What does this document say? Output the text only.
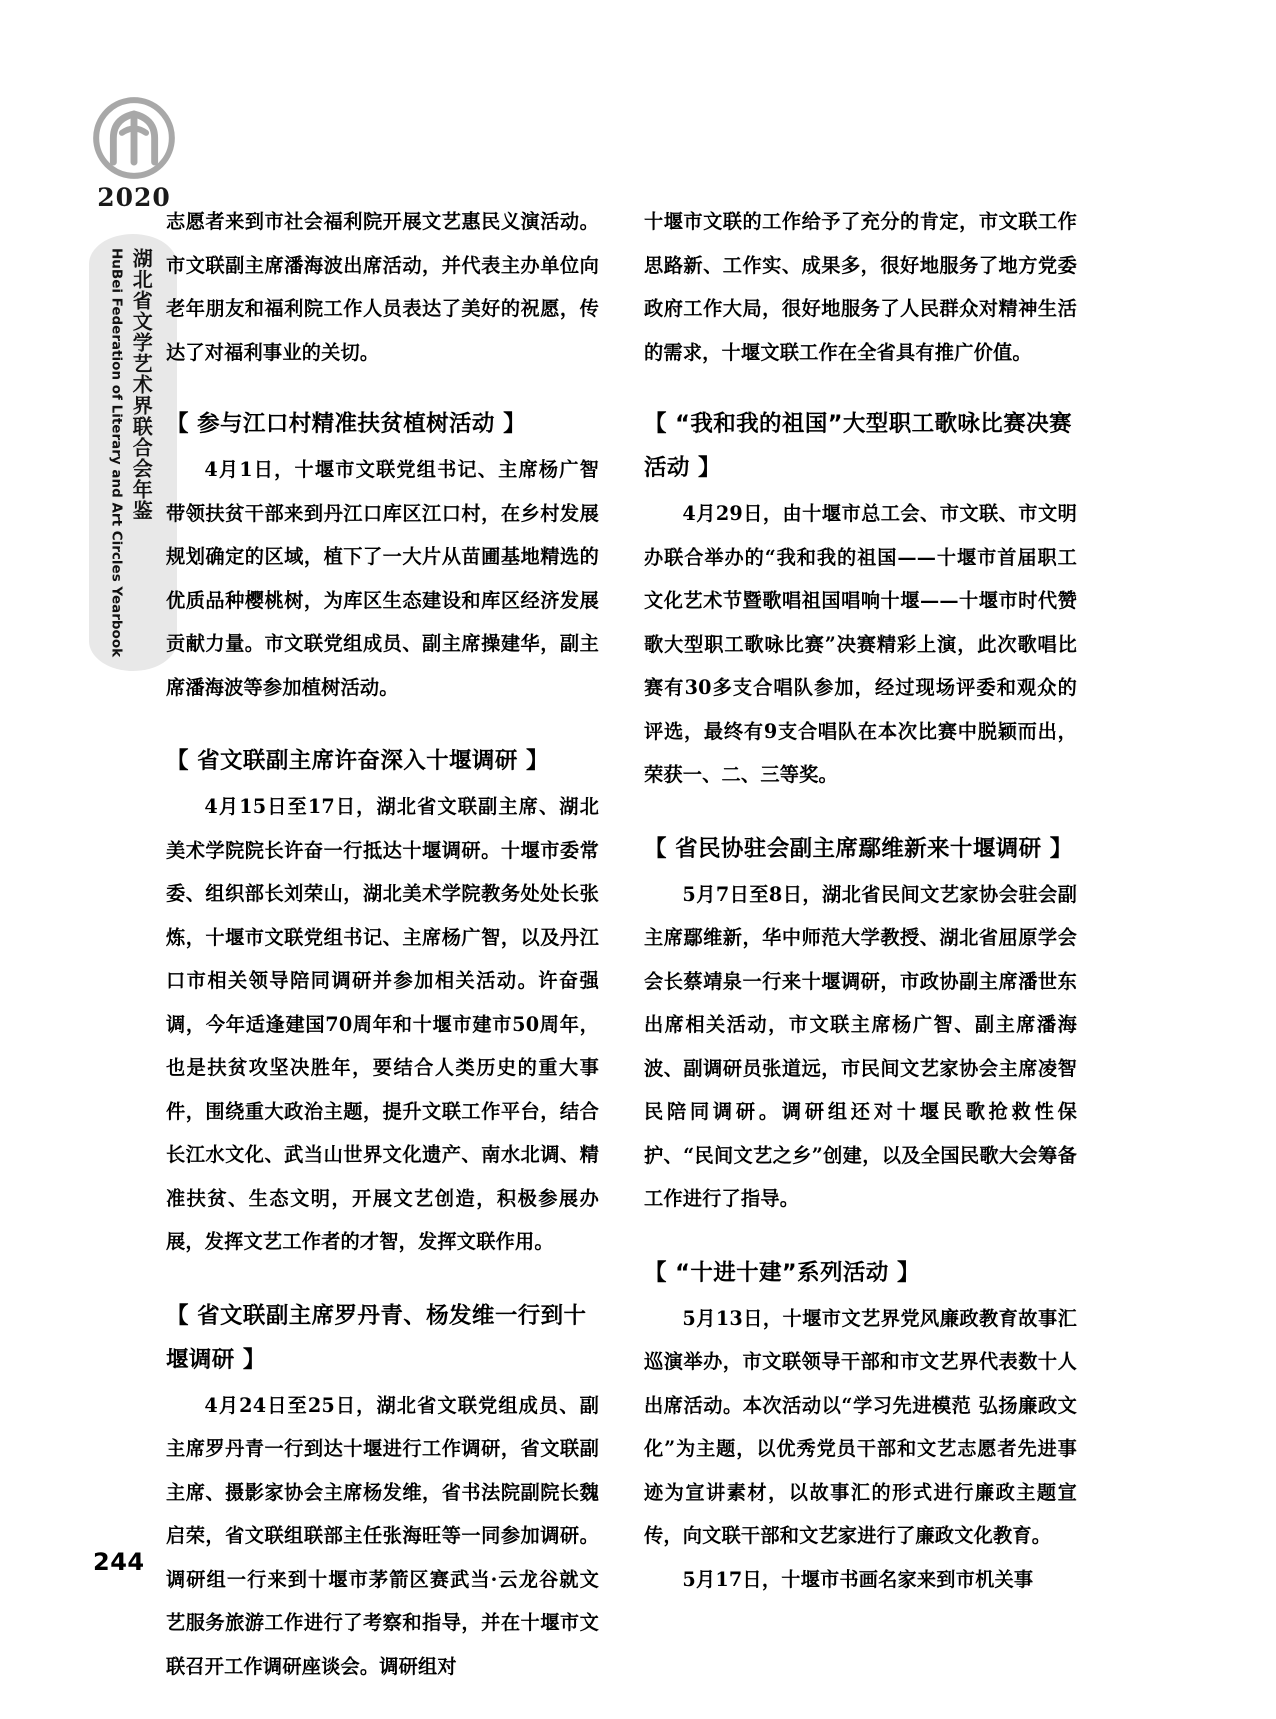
2020
湖北省文学艺术界联合会年鉴
HuBei Federation of Literary and Art Circles Yearbook

志愿者来到市社会福利院开展文艺惠民义演活动。市文联副主席潘海波出席活动，并代表主办单位向老年朋友和福利院工作人员表达了美好的祝愿，传达了对福利事业的关切。

【 参与江口村精准扶贫植树活动 】

4月1日，十堰市文联党组书记、主席杨广智带领扶贫干部来到丹江口库区江口村，在乡村发展规划确定的区域，植下了一大片从苗圃基地精选的优质品种樱桃树，为库区生态建设和库区经济发展贡献力量。市文联党组成员、副主席操建华，副主席潘海波等参加植树活动。

【 省文联副主席许奋深入十堰调研 】

4月15日至17日，湖北省文联副主席、湖北美术学院院长许奋一行抵达十堰调研。十堰市委常委、组织部长刘荣山，湖北美术学院教务处处长张炼，十堰市文联党组书记、主席杨广智，以及丹江口市相关领导陪同调研并参加相关活动。许奋强调，今年适逢建国70周年和十堰市建市50周年，也是扶贫攻坚决胜年，要结合人类历史的重大事件，围绕重大政治主题，提升文联工作平台，结合长江水文化、武当山世界文化遗产、南水北调、精准扶贫、生态文明，开展文艺创造，积极参展办展，发挥文艺工作者的才智，发挥文联作用。

【 省文联副主席罗丹青、杨发维一行到十堰调研 】

4月24日至25日，湖北省文联党组成员、副主席罗丹青一行到达十堰进行工作调研，省文联副主席、摄影家协会主席杨发维，省书法院副院长魏启荣，省文联组联部主任张海旺等一同参加调研。调研组一行来到十堰市茅箭区赛武当·云龙谷就文艺服务旅游工作进行了考察和指导，并在十堰市文联召开工作调研座谈会。调研组对

十堰市文联的工作给予了充分的肯定，市文联工作思路新、工作实、成果多，很好地服务了地方党委政府工作大局，很好地服务了人民群众对精神生活的需求，十堰文联工作在全省具有推广价值。

【 “我和我的祖国”大型职工歌咏比赛决赛活动 】

4月29日，由十堰市总工会、市文联、市文明办联合举办的“我和我的祖国——十堰市首届职工文化艺术节暨歌唱祖国唱响十堰——十堰市时代赞歌大型职工歌咏比赛”决赛精彩上演，此次歌唱比赛有30多支合唱队参加，经过现场评委和观众的评选，最终有9支合唱队在本次比赛中脱颖而出，荣获一、二、三等奖。

【 省民协驻会副主席鄢维新来十堰调研 】

5月7日至8日，湖北省民间文艺家协会驻会副主席鄢维新，华中师范大学教授、湖北省屈原学会会长蔡靖泉一行来十堰调研，市政协副主席潘世东出席相关活动，市文联主席杨广智、副主席潘海波、副调研员张道远，市民间文艺家协会主席凌智民陪同调研。调研组还对十堰民歌抢救性保护、“民间文艺之乡”创建，以及全国民歌大会筹备工作进行了指导。

【 “十进十建”系列活动 】

5月13日，十堰市文艺界党风廉政教育故事汇巡演举办，市文联领导干部和市文艺界代表数十人出席活动。本次活动以“学习先进模范 弘扬廉政文化”为主题，以优秀党员干部和文艺志愿者先进事迹为宣讲素材，以故事汇的形式进行廉政主题宣传，向文联干部和文艺家进行了廉政文化教育。

5月17日，十堰市书画名家来到市机关事

244
